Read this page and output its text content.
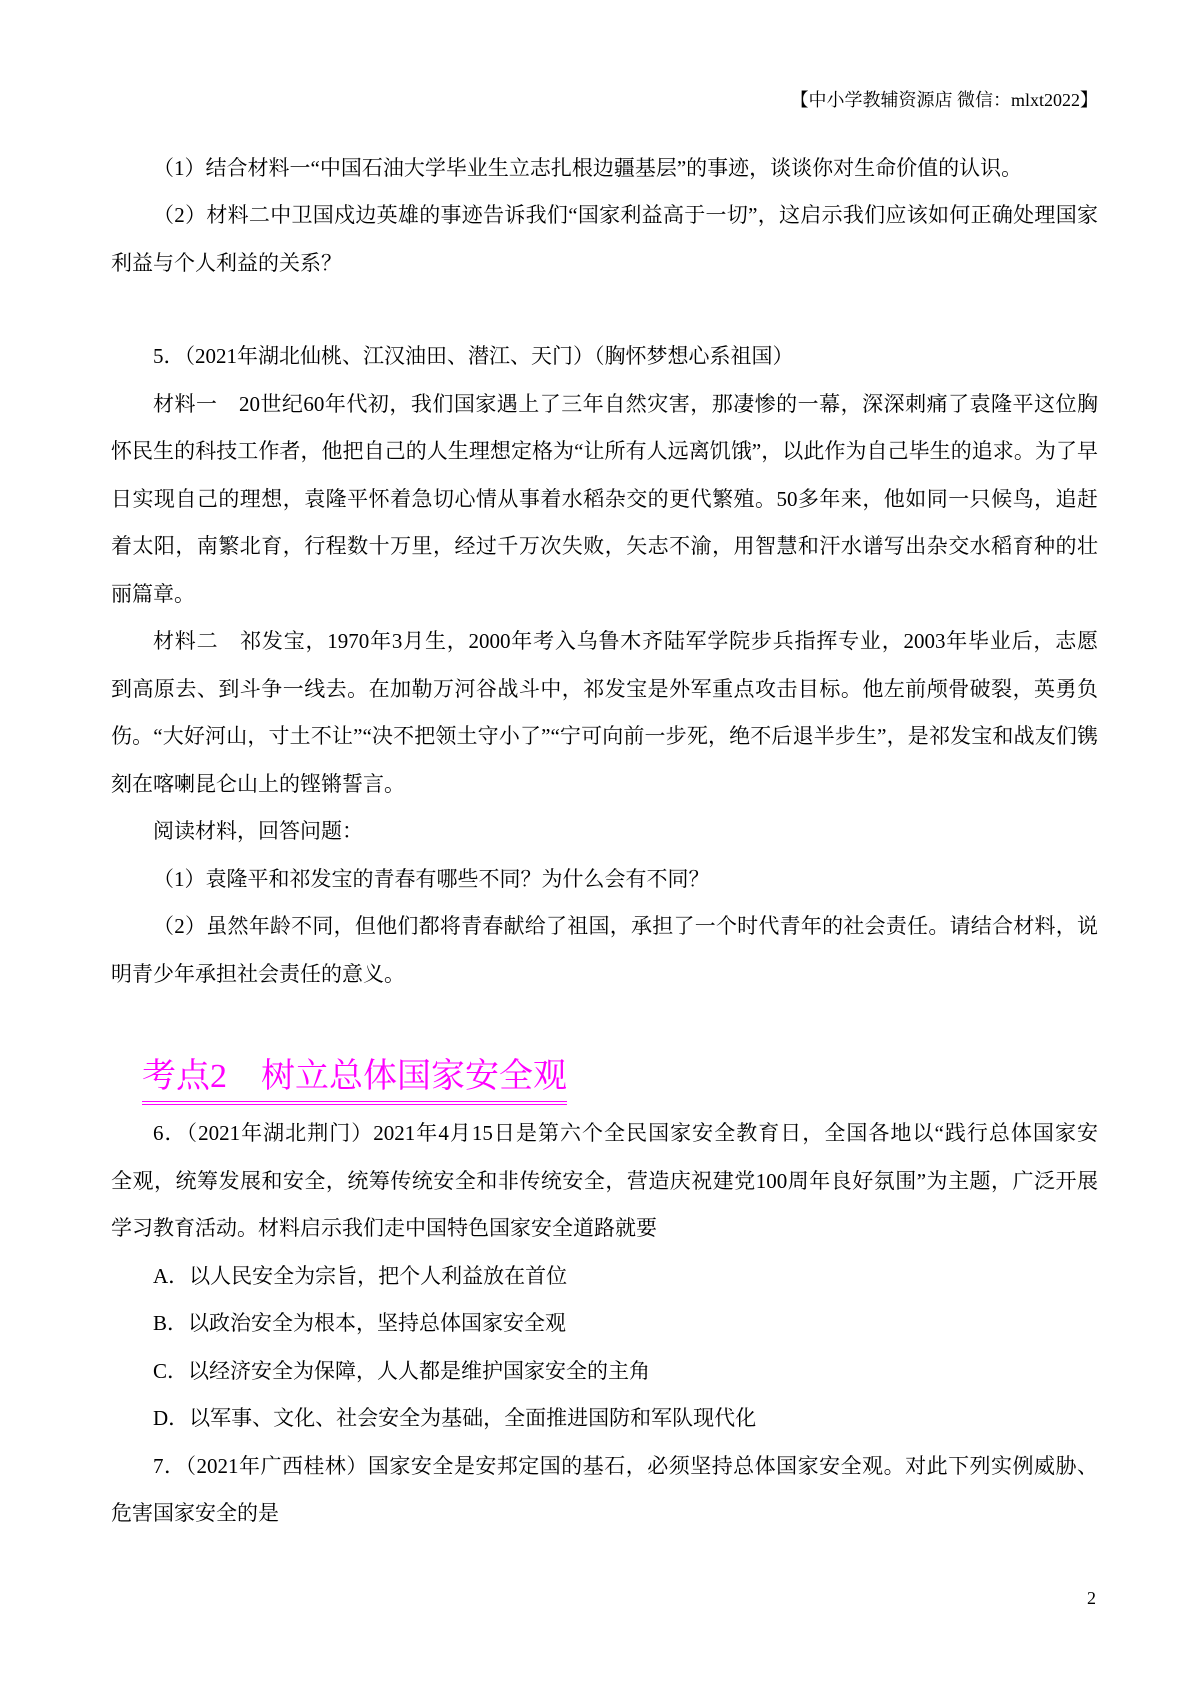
【中小学教辅资源店 微信：mlxt2022】
（1）结合材料一“中国石油大学毕业生立志扎根边疆基层”的事迹，谈谈你对生命价值的认识。
（2）材料二中卫国戍边英雄的事迹告诉我们“国家利益高于一切”，这启示我们应该如何正确处理国家
利益与个人利益的关系？
5．（2021年湖北仙桃、江汉油田、潜江、天门）（胸怀梦想心系祖国）
材料一　20世纪60年代初，我们国家遇上了三年自然灾害，那凄惨的一幕，深深刺痛了袁隆平这位胸
怀民生的科技工作者，他把自己的人生理想定格为“让所有人远离饥饿”，以此作为自己毕生的追求。为了早
日实现自己的理想，袁隆平怀着急切心情从事着水稻杂交的更代繁殖。50多年来，他如同一只候鸟，追赶
着太阳，南繁北育，行程数十万里，经过千万次失败，矢志不渝，用智慧和汗水谱写出杂交水稻育种的壮
丽篇章。
材料二　祁发宝，1970年3月生，2000年考入乌鲁木齐陆军学院步兵指挥专业，2003年毕业后，志愿
到高原去、到斗争一线去。在加勒万河谷战斗中，祁发宝是外军重点攻击目标。他左前颅骨破裂，英勇负
伤。“大好河山，寸土不让”“决不把领土守小了”“宁可向前一步死，绝不后退半步生”，是祁发宝和战友们镌
刻在喀喇昆仑山上的铿锵誓言。
阅读材料，回答问题：
（1）袁隆平和祁发宝的青春有哪些不同？为什么会有不同？
（2）虽然年龄不同，但他们都将青春献给了祖国，承担了一个时代青年的社会责任。请结合材料，说
明青少年承担社会责任的意义。
考点2　树立总体国家安全观
6．（2021年湖北荆门）2021年4月15日是第六个全民国家安全教育日，全国各地以“践行总体国家安
全观，统筹发展和安全，统筹传统安全和非传统安全，营造庆祝建党100周年良好氛围”为主题，广泛开展
学习教育活动。材料启示我们走中国特色国家安全道路就要
A．以人民安全为宗旨，把个人利益放在首位
B．以政治安全为根本，坚持总体国家安全观
C．以经济安全为保障，人人都是维护国家安全的主角
D．以军事、文化、社会安全为基础，全面推进国防和军队现代化
7．（2021年广西桂林）国家安全是安邦定国的基石，必须坚持总体国家安全观。对此下列实例威胁、
危害国家安全的是
2
